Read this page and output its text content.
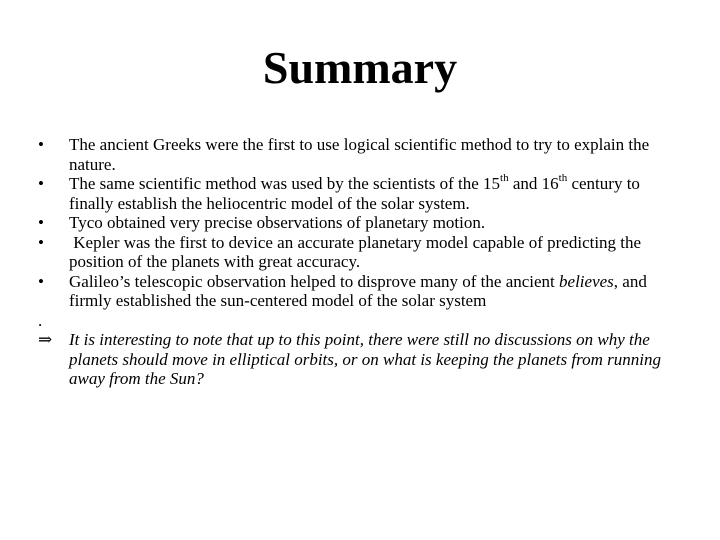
Summary
•	The ancient Greeks were the first to use logical scientific method to try to explain the nature.
•	The same scientific method was used by the scientists of the 15th and 16th century to finally establish the heliocentric model of the solar system.
•	Tyco obtained very precise observations of planetary motion.
•	Kepler was the first to device an accurate planetary model capable of predicting the position of the planets with great accuracy.
•	Galileo’s telescopic observation helped to disprove many of the ancient believes, and firmly established the sun-centered model of the solar system
.
⇒ It is interesting to note that up to this point, there were still no discussions on why the planets should move in elliptical orbits, or on what is keeping the planets from running away from the Sun?
